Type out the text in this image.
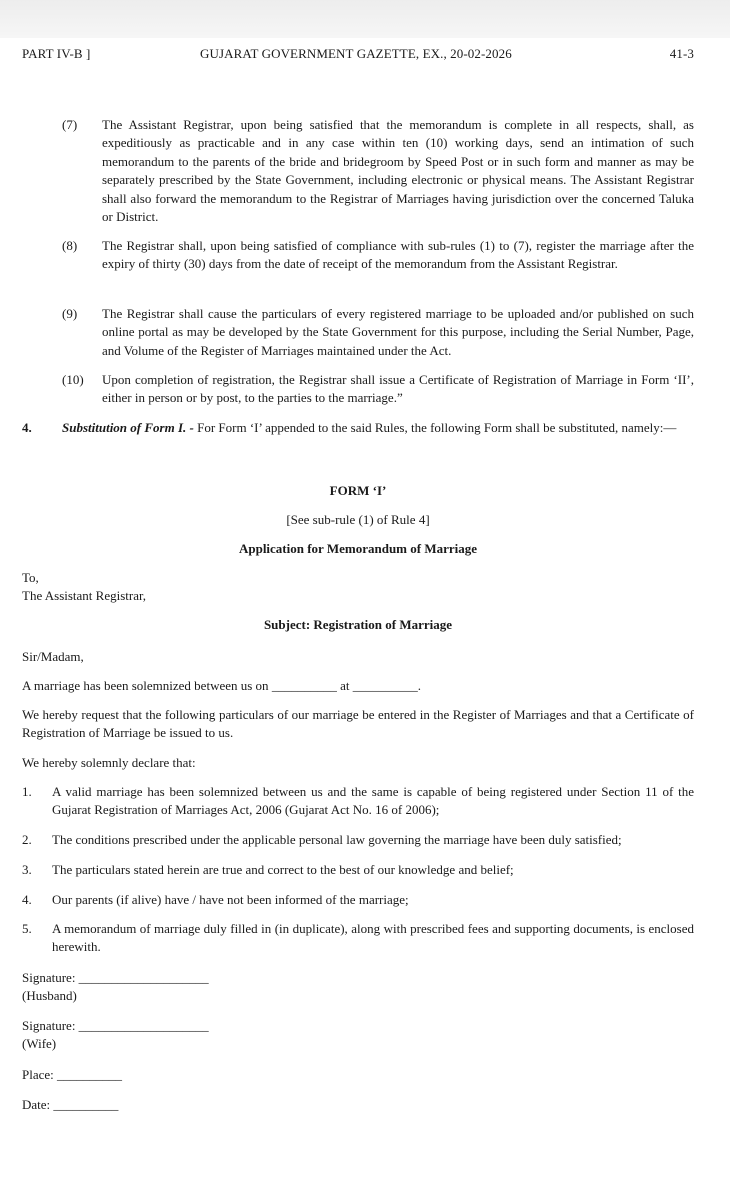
PART IV-B ]	GUJARAT GOVERNMENT GAZETTE, EX., 20-02-2026	41-3
(7) The Assistant Registrar, upon being satisfied that the memorandum is complete in all respects, shall, as expeditiously as practicable and in any case within ten (10) working days, send an intimation of such memorandum to the parents of the bride and bridegroom by Speed Post or in such form and manner as may be separately prescribed by the State Government, including electronic or physical means. The Assistant Registrar shall also forward the memorandum to the Registrar of Marriages having jurisdiction over the concerned Taluka or District.
(8) The Registrar shall, upon being satisfied of compliance with sub-rules (1) to (7), register the marriage after the expiry of thirty (30) days from the date of receipt of the memorandum from the Assistant Registrar.
(9) The Registrar shall cause the particulars of every registered marriage to be uploaded and/or published on such online portal as may be developed by the State Government for this purpose, including the Serial Number, Page, and Volume of the Register of Marriages maintained under the Act.
(10) Upon completion of registration, the Registrar shall issue a Certificate of Registration of Marriage in Form ‘II’, either in person or by post, to the parties to the marriage.”
4. Substitution of Form I. - For Form ‘I’ appended to the said Rules, the following Form shall be substituted, namely:—
FORM ‘I’
[See sub-rule (1) of Rule 4]
Application for Memorandum of Marriage
To,
The Assistant Registrar,
Subject: Registration of Marriage
Sir/Madam,
A marriage has been solemnized between us on __________ at __________.
We hereby request that the following particulars of our marriage be entered in the Register of Marriages and that a Certificate of Registration of Marriage be issued to us.
We hereby solemnly declare that:
1. A valid marriage has been solemnized between us and the same is capable of being registered under Section 11 of the Gujarat Registration of Marriages Act, 2006 (Gujarat Act No. 16 of 2006);
2. The conditions prescribed under the applicable personal law governing the marriage have been duly satisfied;
3. The particulars stated herein are true and correct to the best of our knowledge and belief;
4. Our parents (if alive) have / have not been informed of the marriage;
5. A memorandum of marriage duly filled in (in duplicate), along with prescribed fees and supporting documents, is enclosed herewith.
Signature: ____________________
(Husband)
Signature: ____________________
(Wife)
Place: __________
Date: __________
